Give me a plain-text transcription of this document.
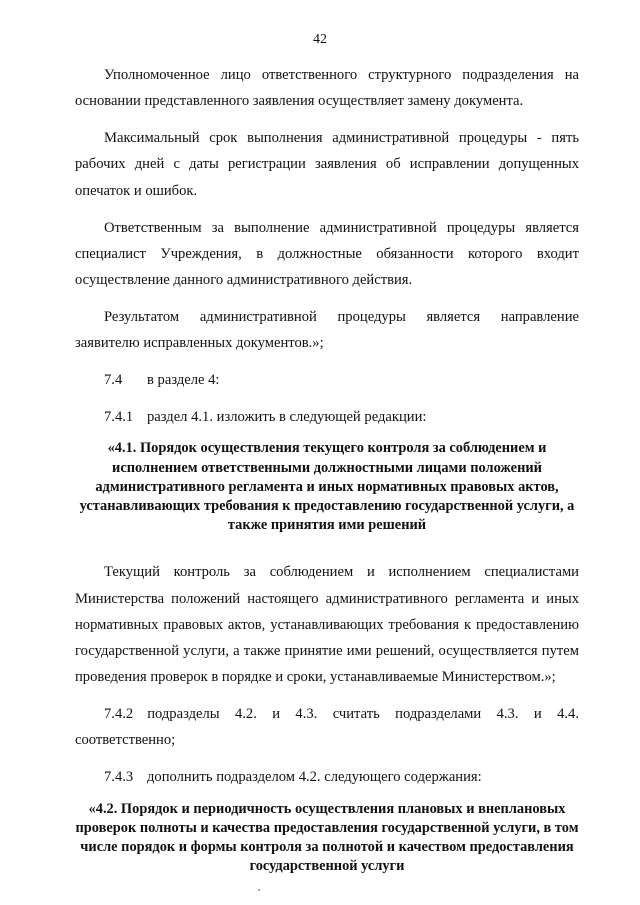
42

Уполномоченное лицо ответственного структурного подразделения на основании представленного заявления осуществляет замену документа.

Максимальный срок выполнения административной процедуры - пять рабочих дней с даты регистрации заявления об исправлении допущенных опечаток и ошибок.

Ответственным за выполнение административной процедуры является специалист Учреждения, в должностные обязанности которого входит осуществление данного административного действия.

Результатом административной процедуры является направление заявителю исправленных документов.»;

7.4 в разделе 4:
7.4.1 раздел 4.1. изложить в следующей редакции:
«4.1. Порядок осуществления текущего контроля за соблюдением и исполнением ответственными должностными лицами положений административного регламента и иных нормативных правовых актов, устанавливающих требования к предоставлению государственной услуги, а также принятия ими решений

Текущий контроль за соблюдением и исполнением специалистами Министерства положений настоящего административного регламента и иных нормативных правовых актов, устанавливающих требования к предоставлению государственной услуги, а также принятие ими решений, осуществляется путем проведения проверок в порядке и сроки, устанавливаемые Министерством.»;

7.4.2 подразделы 4.2. и 4.3. считать подразделами 4.3. и 4.4. соответственно;

7.4.3 дополнить подразделом 4.2. следующего содержания:
«4.2. Порядок и периодичность осуществления плановых и внеплановых проверок полноты и качества предоставления государственной услуги, в том числе порядок и формы контроля за полнотой и качеством предоставления государственной услуги
